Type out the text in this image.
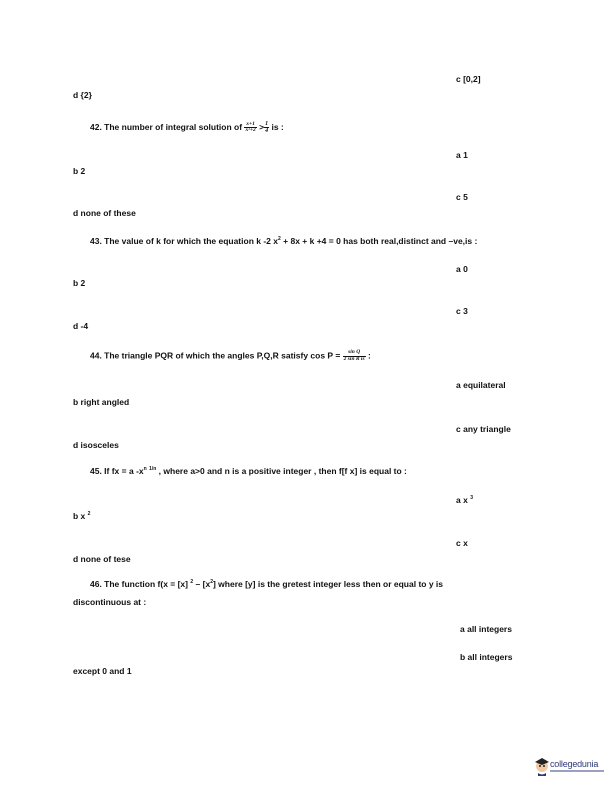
c [0,2]
d {2}
42. The number of integral solution of $\frac{x+1}{\text{x²+2}} > \frac{1}{4}$ is :
a 1
b 2
c 5
d none of these
43. The value of k for which the equation k -2 $x^2 + 8x + k +4 = 0$ has both real,distinct and –ve,is :
a 0
b 2
c 3
d -4
44. The triangle PQR of which the angles P,Q,R satisfy $\cos P = \frac{\text{sin Q}}{\text{2 sin R is}}$ :
a equilateral
b right angled
c any triangle
d isosceles
45. If fx = a $-x^n$ $^{1/n}$ , where a>0 and n is a positive integer , then f[f x] is equal to :
a x $^3$
b x $^2$
c x
d none of tese
46. The function f(x = [x] $^2 - [x^2]$ where [y] is the gretest integer less then or equal to y is
discontinuous at :
a all integers
b all integers
except 0 and 1
collegedunia
